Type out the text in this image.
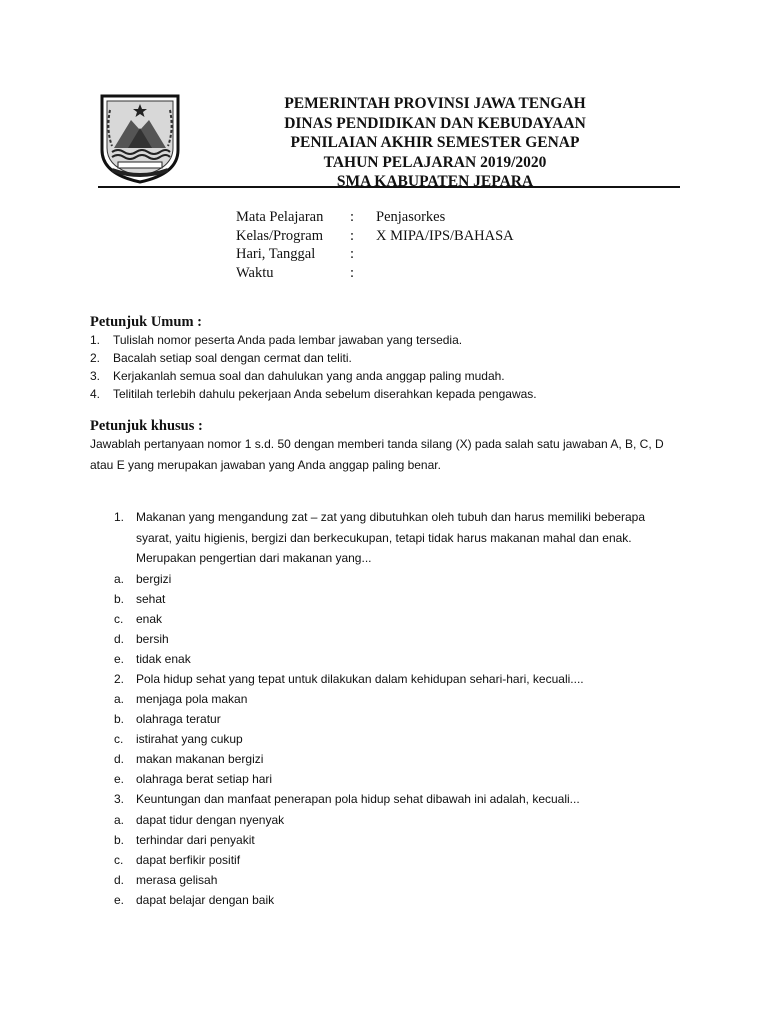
PEMERINTAH PROVINSI JAWA TENGAH
DINAS PENDIDIKAN DAN KEBUDAYAAN
PENILAIAN AKHIR SEMESTER GENAP
TAHUN PELAJARAN 2019/2020
SMA KABUPATEN JEPARA
Mata Pelajaran	:	Penjasorkes
Kelas/Program	:	X MIPA/IPS/BAHASA
Hari, Tanggal	:
Waktu	:
Petunjuk Umum :
1.	Tulislah nomor peserta Anda pada lembar jawaban yang tersedia.
2.	Bacalah setiap soal dengan cermat dan teliti.
3.	Kerjakanlah semua soal dan dahulukan yang anda anggap paling mudah.
4.	Telitilah terlebih dahulu pekerjaan Anda sebelum diserahkan kepada pengawas.
Petunjuk khusus :
Jawablah pertanyaan nomor 1 s.d. 50 dengan memberi tanda silang (X) pada salah satu jawaban A, B, C, D atau E yang merupakan jawaban yang Anda anggap paling benar.
1. Makanan yang mengandung zat – zat yang dibutuhkan oleh tubuh dan harus memiliki beberapa syarat, yaitu higienis, bergizi dan berkecukupan, tetapi tidak harus makanan mahal dan enak. Merupakan pengertian dari makanan yang...
a. bergizi
b. sehat
c.	enak
d. bersih
e. tidak enak
2. Pola hidup sehat yang tepat untuk dilakukan dalam kehidupan sehari-hari, kecuali....
a. menjaga pola makan
b. olahraga teratur
c.	istirahat yang cukup
d. makan makanan bergizi
e. olahraga berat setiap hari
3. Keuntungan dan manfaat penerapan pola hidup sehat dibawah ini adalah, kecuali...
a. dapat tidur dengan nyenyak
b. terhindar dari penyakit
c.	dapat berfikir positif
d. merasa gelisah
e. dapat belajar dengan baik
